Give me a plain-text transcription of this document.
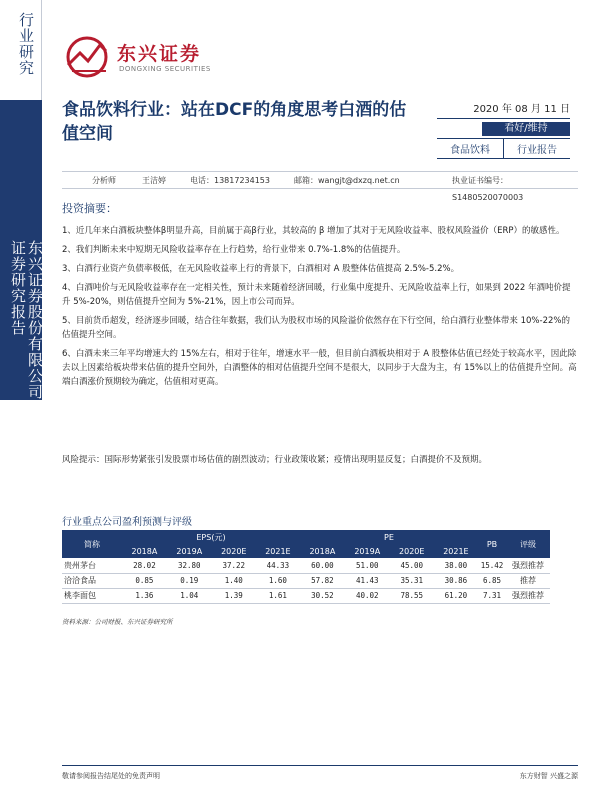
行业研究
东兴证券股份有限公司证券研究报告
东兴证券
DONGXING SECURITIES
食品饮料行业：站在DCF的角度思考白酒的估值空间
2020 年 08 月 11 日
看好/维持
食品饮料	行业报告
分析师	王洁婷	电话：13817234153	邮箱：wangjt@dxzq.net.cn	执业证书编号：S1480520070003
投资摘要：

1、近几年来白酒板块整体β明显升高，目前属于高β行业，其较高的 β 增加了其对于无风险收益率、股权风险溢价（ERP）的敏感性。

2、我们判断未来中短期无风险收益率存在上行趋势，给行业带来 0.7%-1.8%的估值提升。

3、白酒行业资产负债率极低，在无风险收益率上行的背景下，白酒相对 A 股整体估值提高 2.5%-5.2%。

4、白酒吨价与无风险收益率存在一定相关性，预计未来随着经济回暖，行业集中度提升、无风险收益率上行，如果到 2022 年酒吨价提升 5%-20%，则估值提升空间为 5%-21%，因上市公司而异。

5、目前货币超发，经济逐步回暖，结合往年数据，我们认为股权市场的风险溢价依然存在下行空间，给白酒行业整体带来 10%-22%的估值提升空间。

6、白酒未来三年平均增速大约 15%左右，相对于往年，增速水平一般，但目前白酒板块相对于 A 股整体估值已经处于较高水平，因此除去以上因素给板块带来估值的提升空间外，白酒整体的相对估值提升空间不是很大，以同步于大盘为主，有 15%以上的估值提升空间。高端白酒涨价预期较为确定，估值相对更高。

风险提示：国际形势紧张引发股票市场估值的剧烈波动；行业政策收紧；疫情出现明显反复；白酒提价不及预期。
行业重点公司盈利预测与评级
简称	EPS(元)				PE				PB	评级
	2018A	2019A	2020E	2021E	2018A	2019A	2020E	2021E		
贵州茅台	28.02	32.80	37.22	44.33	60.00	51.00	45.00	38.00	15.42	强烈推荐
洽洽食品	0.85	0.19	1.40	1.60	57.82	41.43	35.31	30.86	6.85	推荐
桃李面包	1.36	1.04	1.39	1.61	30.52	40.02	78.55	61.20	7.31	强烈推荐
资料来源：公司财报、东兴证券研究所
敬请参阅报告结尾处的免责声明	东方财智 兴盛之源
